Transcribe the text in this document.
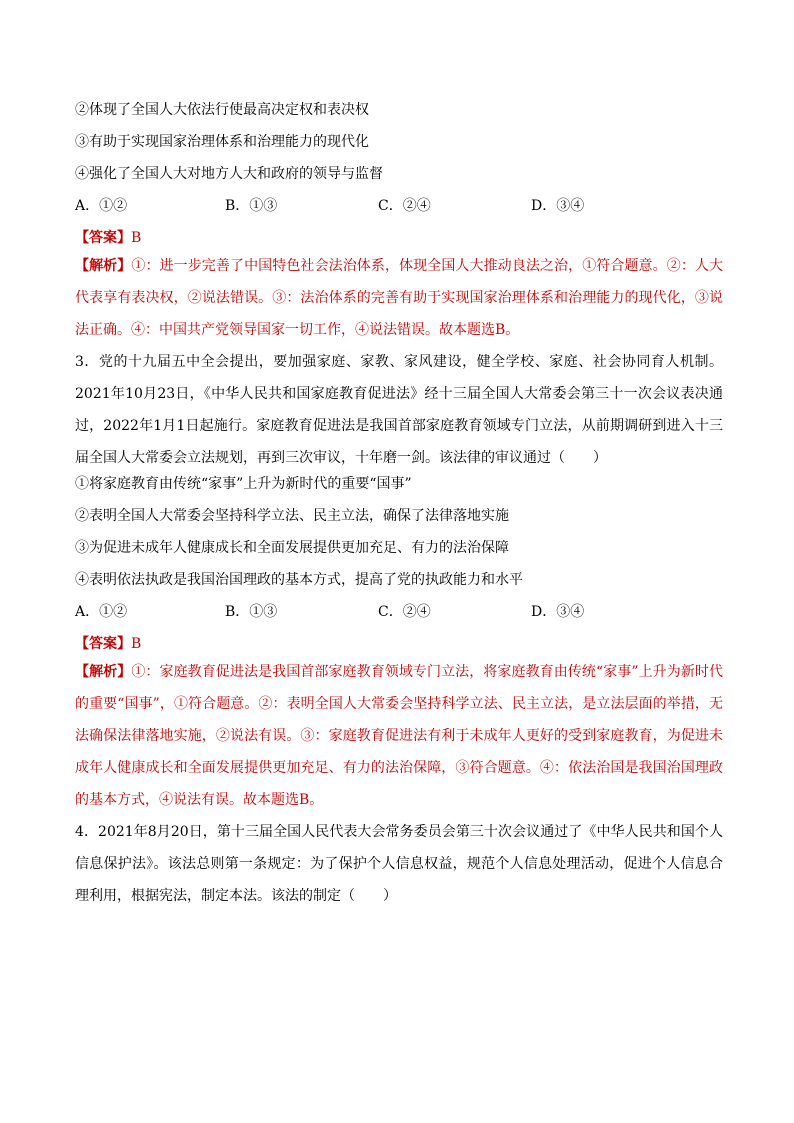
②体现了全国人大依法行使最高决定权和表决权
③有助于实现国家治理体系和治理能力的现代化
④强化了全国人大对地方人大和政府的领导与监督
A．①②	B．①③	C．②④	D．③④
【答案】B
【解析】①：进一步完善了中国特色社会法治体系，体现全国人大推动良法之治，①符合题意。②：人大代表享有表决权，②说法错误。③：法治体系的完善有助于实现国家治理体系和治理能力的现代化，③说法正确。④：中国共产党领导国家一切工作，④说法错误。故本题选B。
3．党的十九届五中全会提出，要加强家庭、家教、家风建设，健全学校、家庭、社会协同育人机制。2021年10月23日，《中华人民共和国家庭教育促进法》经十三届全国人大常委会第三十一次会议表决通过，2022年1月1日起施行。家庭教育促进法是我国首部家庭教育领域专门立法，从前期调研到进入十三届全国人大常委会立法规划，再到三次审议，十年磨一剑。该法律的审议通过（　　）
①将家庭教育由传统“家事”上升为新时代的重要“国事”
②表明全国人大常委会坚持科学立法、民主立法，确保了法律落地实施
③为促进未成年人健康成长和全面发展提供更加充足、有力的法治保障
④表明依法执政是我国治国理政的基本方式，提高了党的执政能力和水平
A．①②	B．①③	C．②④	D．③④
【答案】B
【解析】①：家庭教育促进法是我国首部家庭教育领域专门立法，将家庭教育由传统“家事”上升为新时代的重要“国事”，①符合题意。②：表明全国人大常委会坚持科学立法、民主立法，是立法层面的举措，无法确保法律落地实施，②说法有误。③：家庭教育促进法有利于未成年人更好的受到家庭教育，为促进未成年人健康成长和全面发展提供更加充足、有力的法治保障，③符合题意。④：依法治国是我国治国理政的基本方式，④说法有误。故本题选B。
4．2021年8月20日，第十三届全国人民代表大会常务委员会第三十次会议通过了《中华人民共和国个人信息保护法》。该法总则第一条规定：为了保护个人信息权益，规范个人信息处理活动，促进个人信息合理利用，根据宪法，制定本法。该法的制定（　　）
